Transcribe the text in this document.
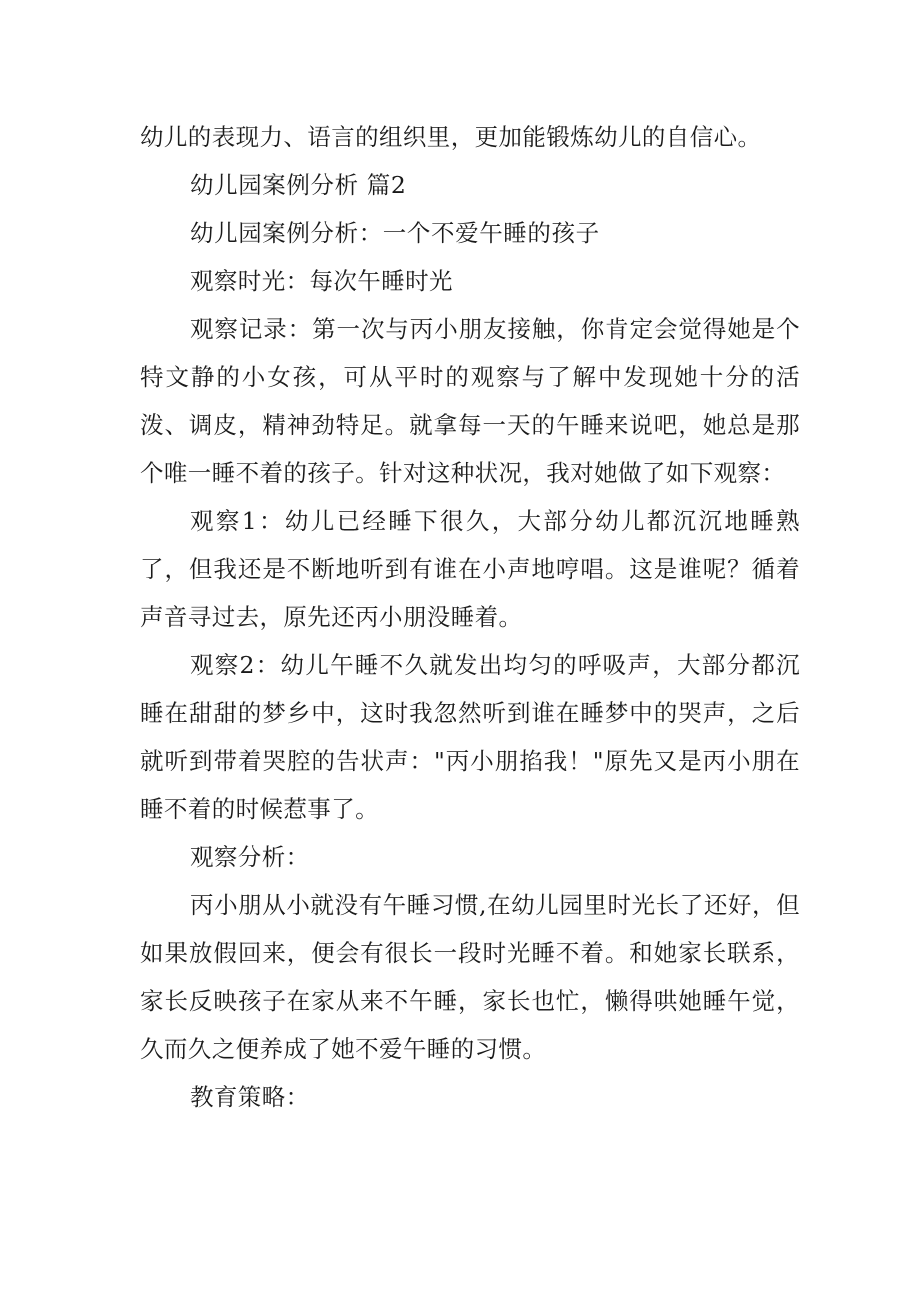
幼儿的表现力、语言的组织里，更加能锻炼幼儿的自信心。

幼儿园案例分析 篇2

幼儿园案例分析：一个不爱午睡的孩子

观察时光：每次午睡时光

观察记录：第一次与丙小朋友接触，你肯定会觉得她是个特文静的小女孩，可从平时的观察与了解中发现她十分的活泼、调皮，精神劲特足。就拿每一天的午睡来说吧，她总是那个唯一睡不着的孩子。针对这种状况，我对她做了如下观察：

观察1：幼儿已经睡下很久，大部分幼儿都沉沉地睡熟了，但我还是不断地听到有谁在小声地哼唱。这是谁呢？循着声音寻过去，原先还丙小朋没睡着。

观察2：幼儿午睡不久就发出均匀的呼吸声，大部分都沉睡在甜甜的梦乡中，这时我忽然听到谁在睡梦中的哭声，之后就听到带着哭腔的告状声："丙小朋掐我！"原先又是丙小朋在睡不着的时候惹事了。

观察分析：

丙小朋从小就没有午睡习惯,在幼儿园里时光长了还好，但如果放假回来，便会有很长一段时光睡不着。和她家长联系，家长反映孩子在家从来不午睡，家长也忙，懒得哄她睡午觉，久而久之便养成了她不爱午睡的习惯。

教育策略：
